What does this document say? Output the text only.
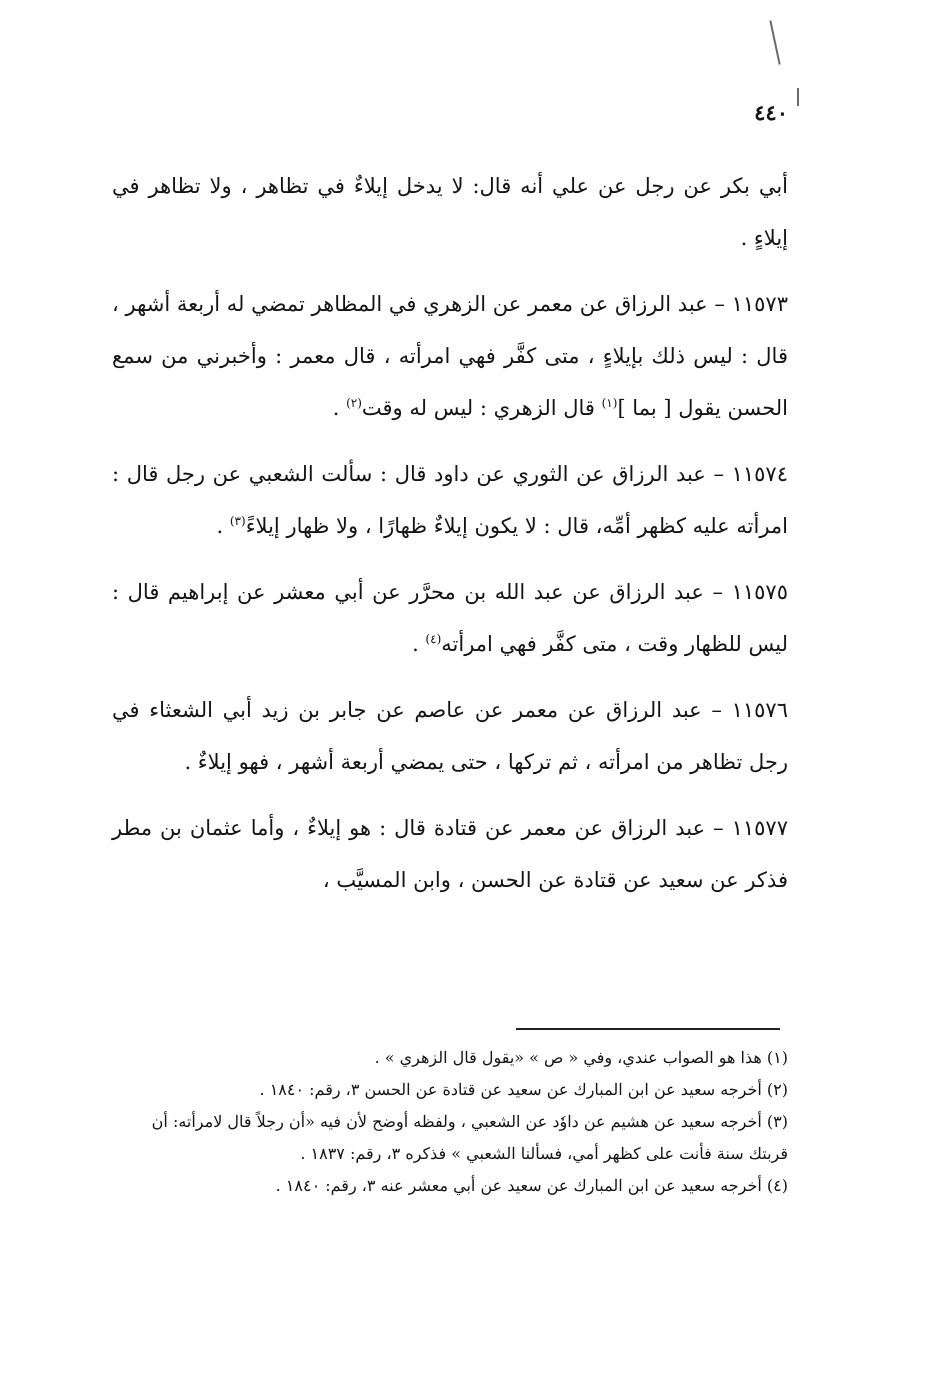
٤٤٠

أبي بكر عن رجل عن علي أنه قال: لا يدخل إيلاءٌ في تظاهر ، ولا تظاهر في إيلاءٍ .

١١٥٧٣ – عبد الرزاق عن معمر عن الزهري في المظاهر تمضي له أربعة أشهر ، قال : ليس ذلك بإيلاءٍ ، متى كفَّر فهي امرأته ، قال معمر : وأخبرني من سمع الحسن يقول [ بما ]$^{(١)}$ قال الزهري : ليس له وقت$^{(٢)}$ .

١١٥٧٤ – عبد الرزاق عن الثوري عن داود قال : سألت الشعبي عن رجل قال : امرأته عليه كظهر أمِّه، قال : لا يكون إيلاءٌ ظهارًا ، ولا ظهار إيلاءً$^{(٣)}$ .

١١٥٧٥ – عبد الرزاق عن عبد الله بن محرَّر عن أبي معشر عن إبراهيم قال : ليس للظهار وقت ، متى كفَّر فهي امرأته$^{(٤)}$ .

١١٥٧٦ – عبد الرزاق عن معمر عن عاصم عن جابر بن زيد أبي الشعثاء في رجل تظاهر من امرأته ، ثم تركها ، حتى يمضي أربعة أشهر ، فهو إيلاءٌ .

١١٥٧٧ – عبد الرزاق عن معمر عن قتادة قال : هو إيلاءٌ ، وأما عثمان بن مطر فذكر عن سعيد عن قتادة عن الحسن ، وابن المسيَّب ،

(١) هذا هو الصواب عندي، وفي « ص » «يقول قال الزهري » .

(٢) أخرجه سعيد عن ابن المبارك عن سعيد عن قتادة عن الحسن ٣، رقم: ١٨٤٠ .

(٣) أخرجه سعيد عن هشيم عن داوٗد عن الشعبي ، ولفظه أوضح لأن فيه «أن رجلاً قال لامرأته: أن قربتك سنة فأنت على كظهر أمي، فسألنا الشعبي » فذكره ٣، رقم: ١٨٣٧ .

(٤) أخرجه سعيد عن ابن المبارك عن سعيد عن أبي معشر عنه ٣، رقم: ١٨٤٠ .
